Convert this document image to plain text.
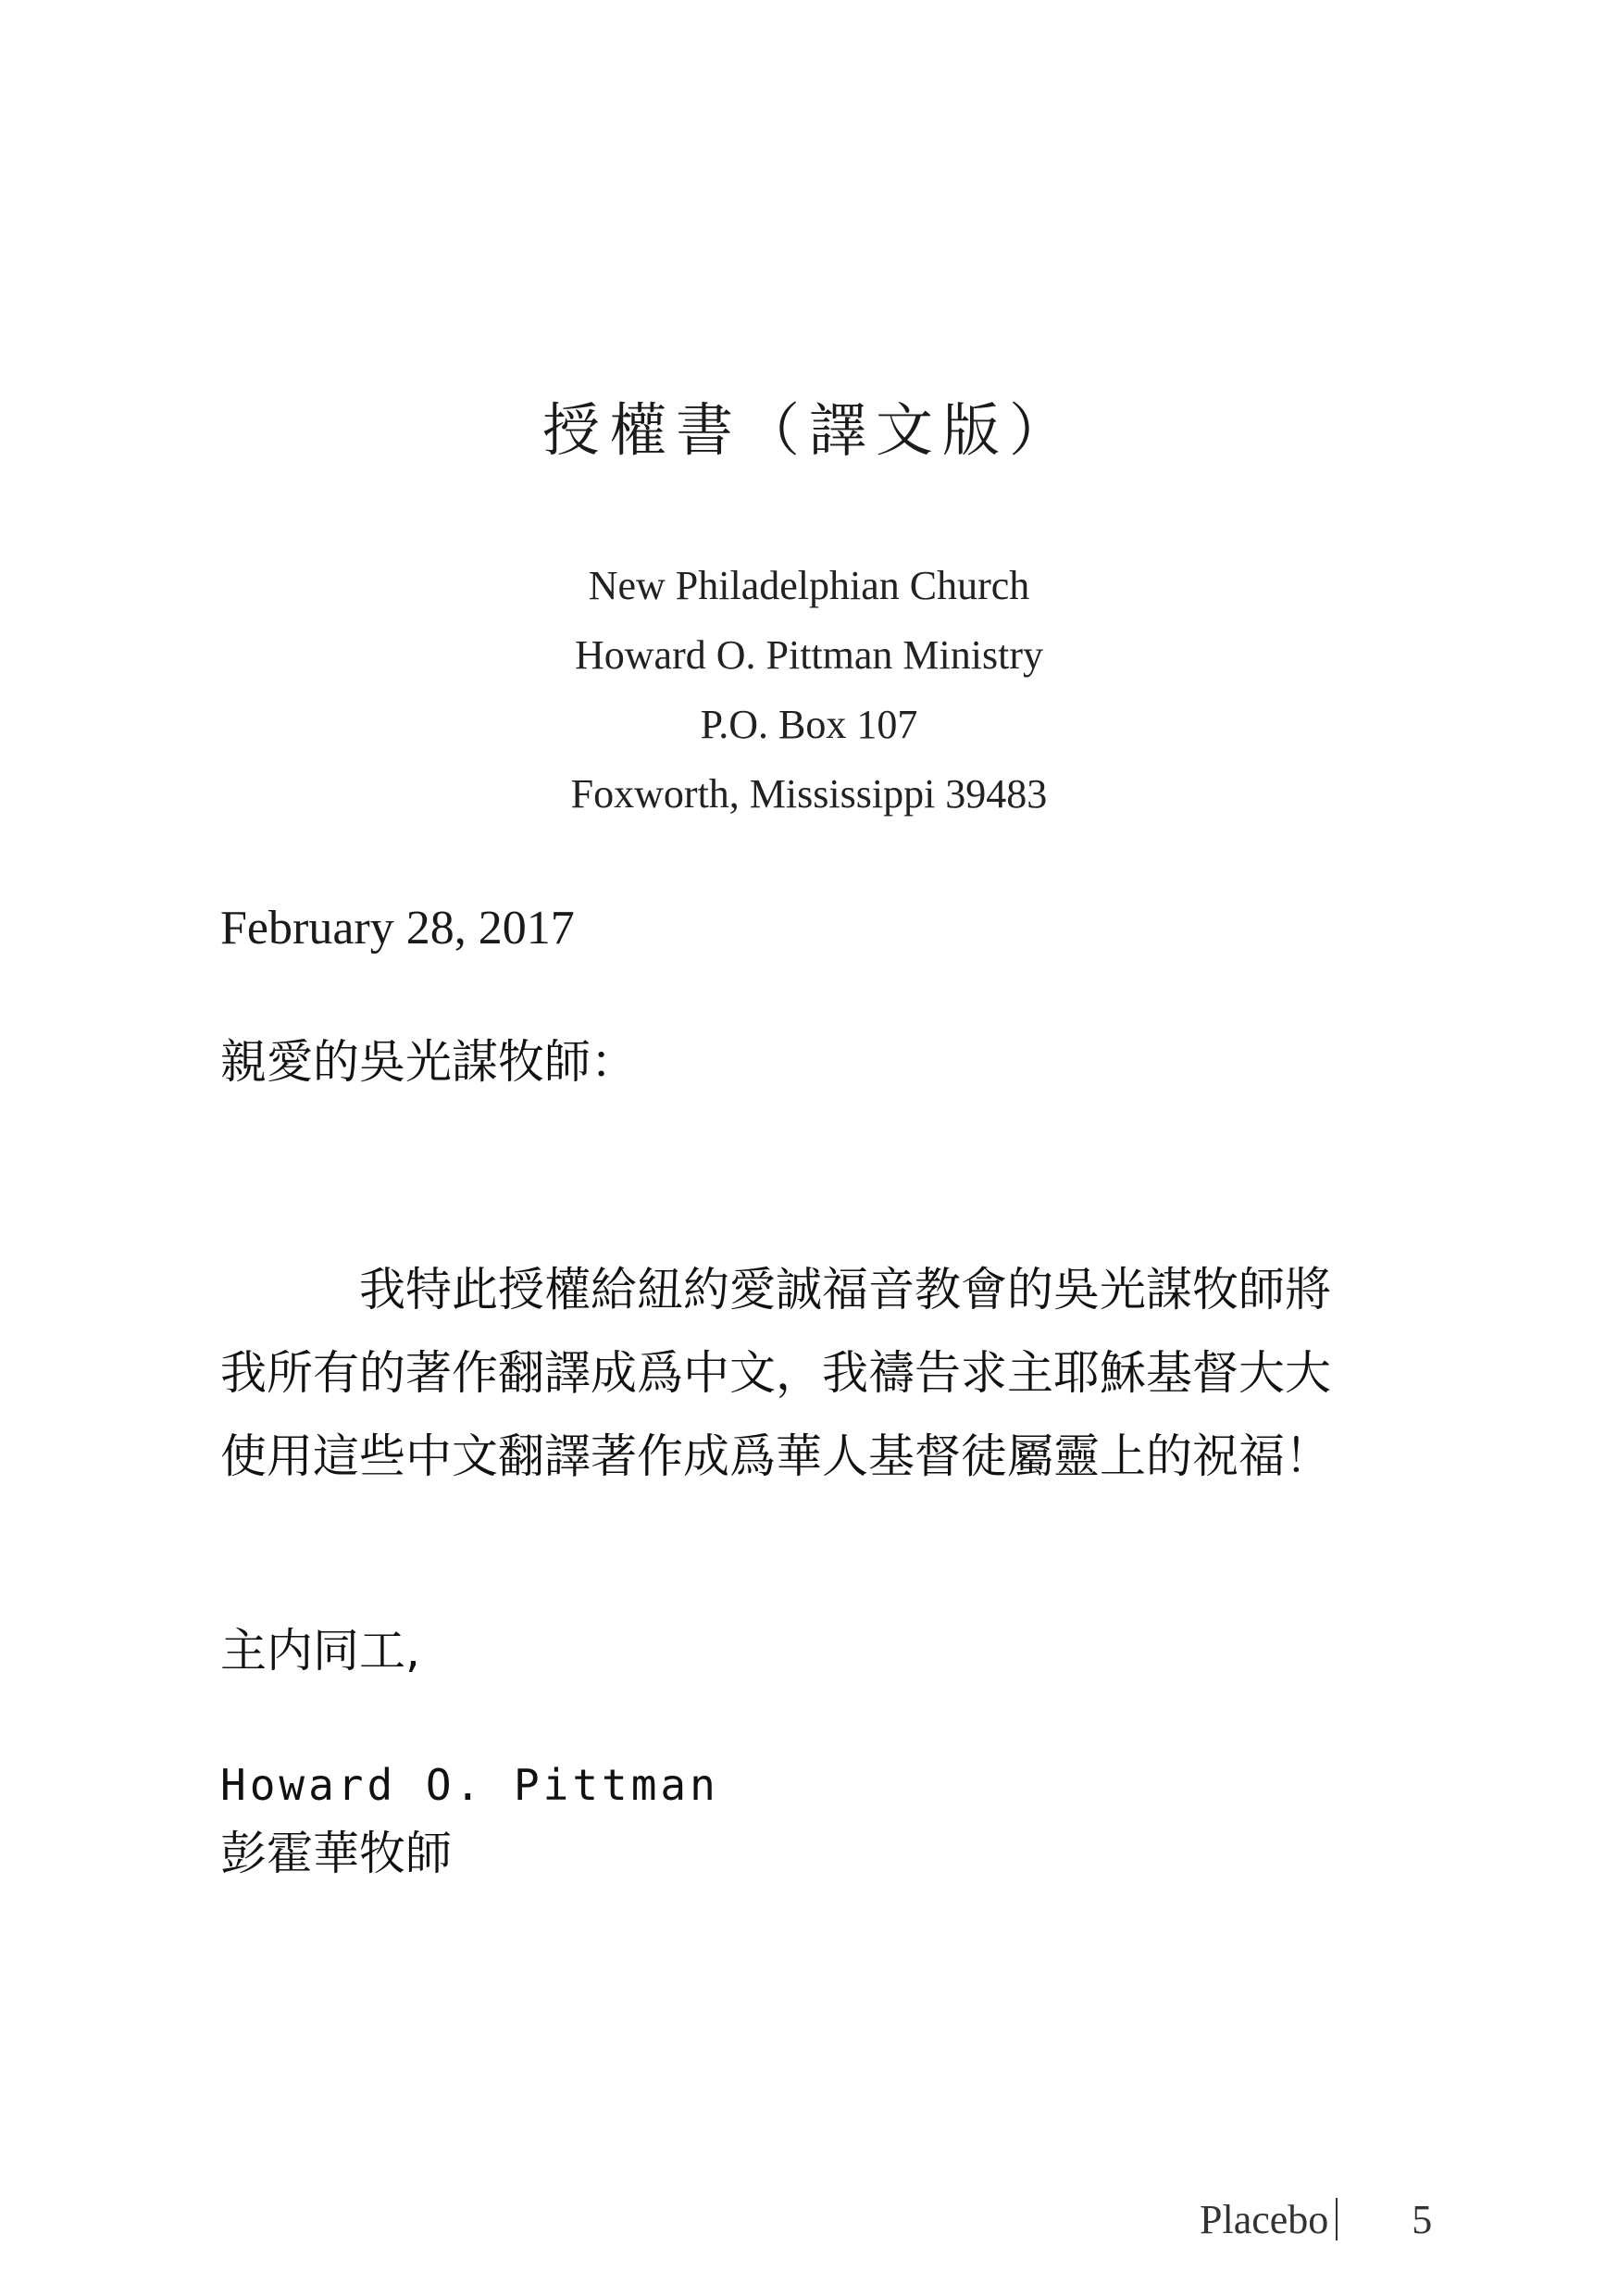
授權書（譯文版）
New Philadelphian Church
Howard O. Pittman Ministry
P.O. Box 107
Foxworth, Mississippi 39483
February 28, 2017
親愛的吳光謀牧師：
我特此授權給紐約愛誠福音教會的吳光謀牧師將
我所有的著作翻譯成爲中文，我禱告求主耶穌基督大大
使用這些中文翻譯著作成爲華人基督徒屬靈上的祝福！
主内同工,
Howard O. Pittman
彭霍華牧師
Placebo 5
